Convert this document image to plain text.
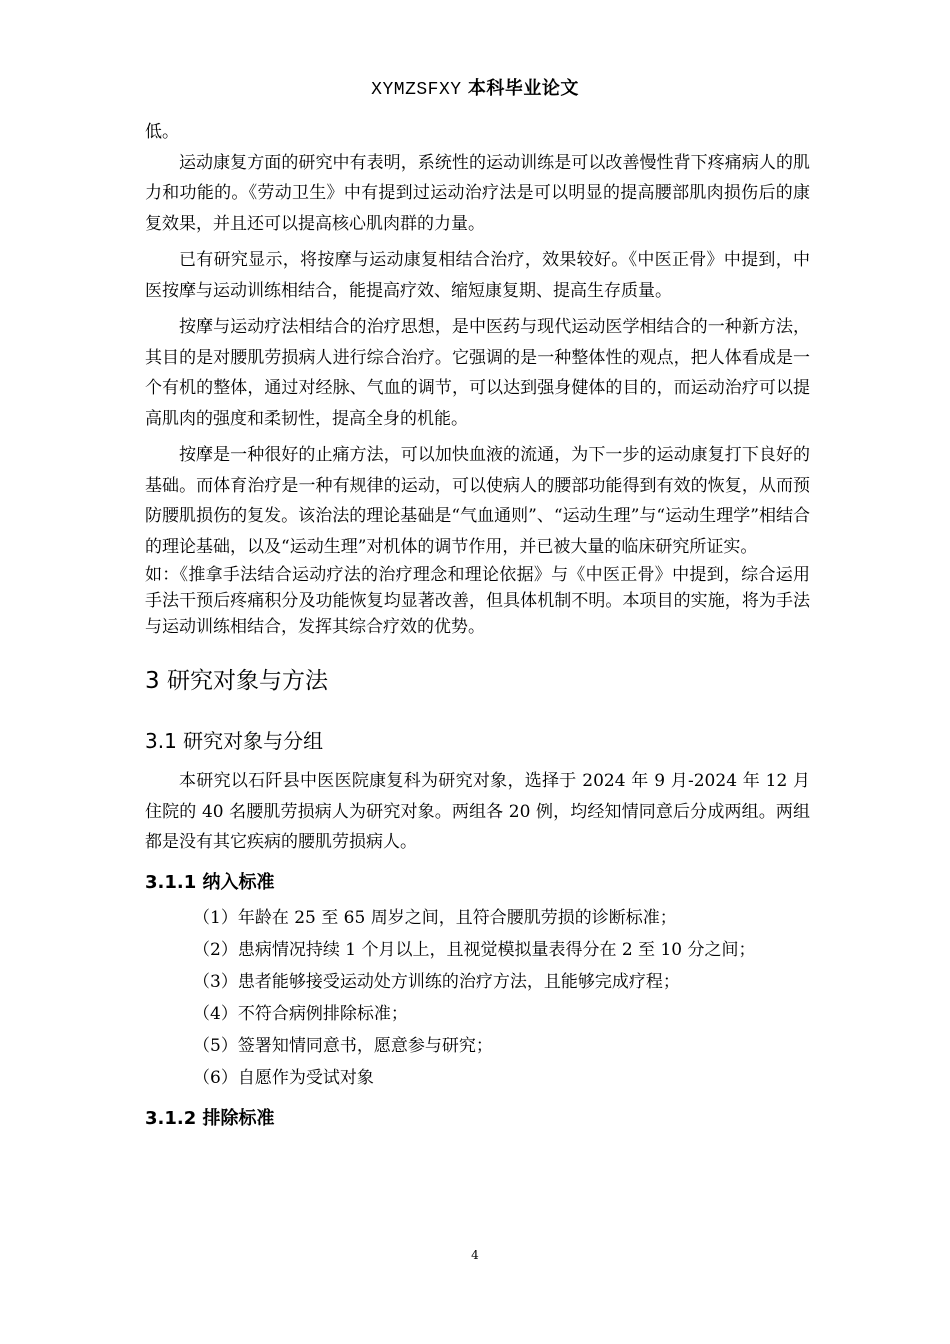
XYMZSFXY 本科毕业论文
低。
运动康复方面的研究中有表明，系统性的运动训练是可以改善慢性背下疼痛病人的肌力和功能的。《劳动卫生》中有提到过运动治疗法是可以明显的提高腰部肌肉损伤后的康复效果，并且还可以提高核心肌肉群的力量。
已有研究显示，将按摩与运动康复相结合治疗，效果较好。《中医正骨》中提到，中医按摩与运动训练相结合，能提高疗效、缩短康复期、提高生存质量。
按摩与运动疗法相结合的治疗思想，是中医药与现代运动医学相结合的一种新方法，其目的是对腰肌劳损病人进行综合治疗。它强调的是一种整体性的观点，把人体看成是一个有机的整体，通过对经脉、气血的调节，可以达到强身健体的目的，而运动治疗可以提高肌肉的强度和柔韧性，提高全身的机能。
按摩是一种很好的止痛方法，可以加快血液的流通，为下一步的运动康复打下良好的基础。而体育治疗是一种有规律的运动，可以使病人的腰部功能得到有效的恢复，从而预防腰肌损伤的复发。该治法的理论基础是“气血通则”、“运动生理”与“运动生理学”相结合的理论基础，以及“运动生理”对机体的调节作用，并已被大量的临床研究所证实。
如：《推拿手法结合运动疗法的治疗理念和理论依据》与《中医正骨》中提到，综合运用手法干预后疼痛积分及功能恢复均显著改善，但具体机制不明。本项目的实施，将为手法与运动训练相结合，发挥其综合疗效的优势。
3 研究对象与方法
3.1 研究对象与分组
本研究以石阡县中医医院康复科为研究对象，选择于 2024 年 9 月-2024 年 12 月住院的 40 名腰肌劳损病人为研究对象。两组各 20 例，均经知情同意后分成两组。两组都是没有其它疾病的腰肌劳损病人。
3.1.1 纳入标准
（1）年龄在 25 至 65 周岁之间，且符合腰肌劳损的诊断标准；
（2）患病情况持续 1 个月以上，且视觉模拟量表得分在 2 至 10 分之间；
（3）患者能够接受运动处方训练的治疗方法，且能够完成疗程；
（4）不符合病例排除标准；
（5）签署知情同意书，愿意参与研究；
（6）自愿作为受试对象
3.1.2 排除标准
4
